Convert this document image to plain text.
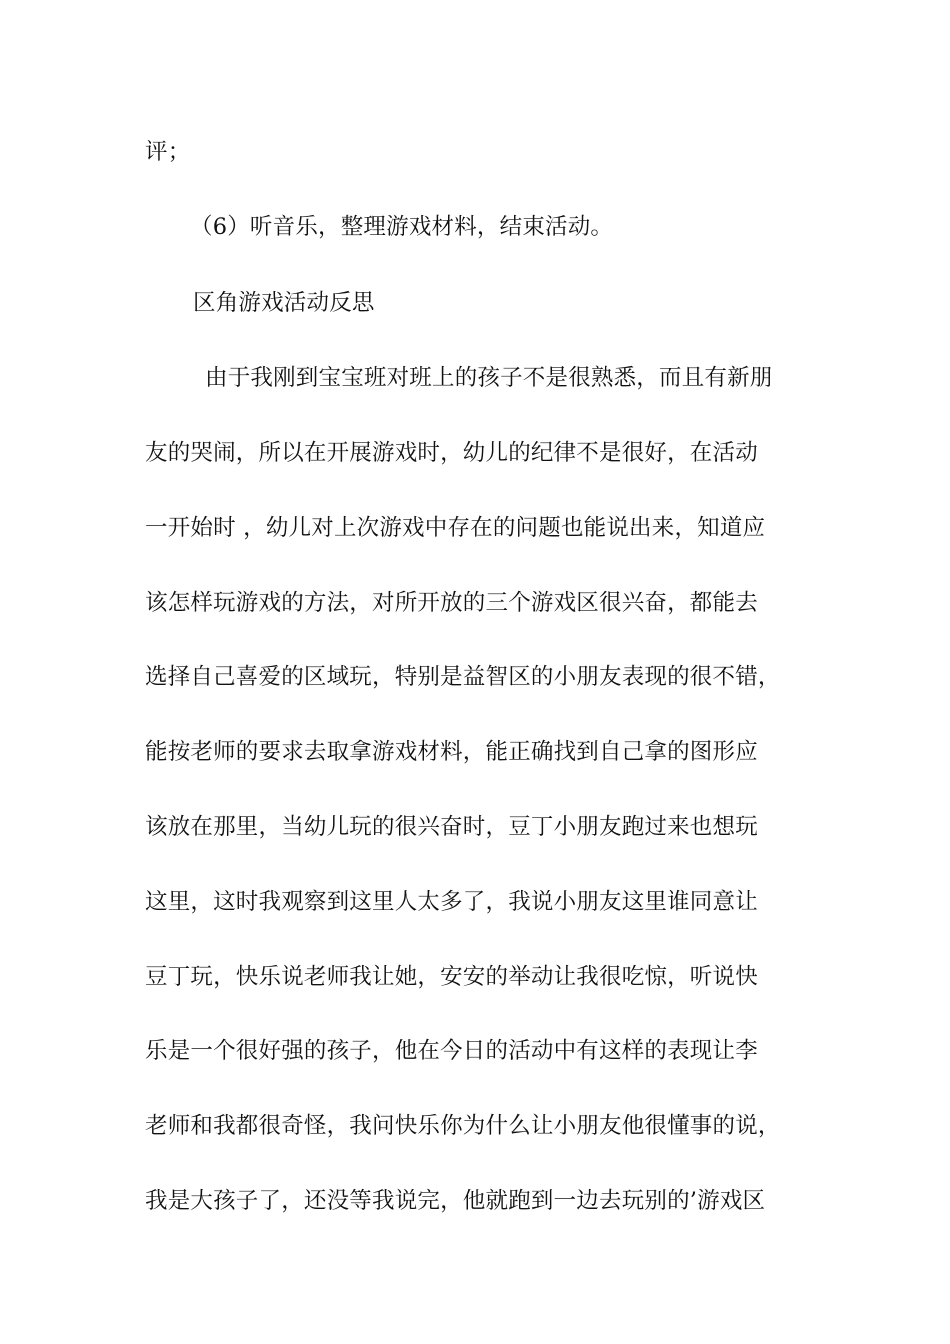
评；
（6）听音乐，整理游戏材料，结束活动。
区角游戏活动反思
由于我刚到宝宝班对班上的孩子不是很熟悉，而且有新朋
友的哭闹，所以在开展游戏时，幼儿的纪律不是很好，在活动
一开始时 ，幼儿对上次游戏中存在的问题也能说出来，知道应
该怎样玩游戏的方法，对所开放的三个游戏区很兴奋，都能去
选择自己喜爱的区域玩，特别是益智区的小朋友表现的很不错，
能按老师的要求去取拿游戏材料，能正确找到自己拿的图形应
该放在那里，当幼儿玩的很兴奋时，豆丁小朋友跑过来也想玩
这里，这时我观察到这里人太多了，我说小朋友这里谁同意让
豆丁玩，快乐说老师我让她，安安的举动让我很吃惊，听说快
乐是一个很好强的孩子，他在今日的活动中有这样的表现让李
老师和我都很奇怪，我问快乐你为什么让小朋友他很懂事的说，
我是大孩子了，还没等我说完，他就跑到一边去玩别的’游戏区
